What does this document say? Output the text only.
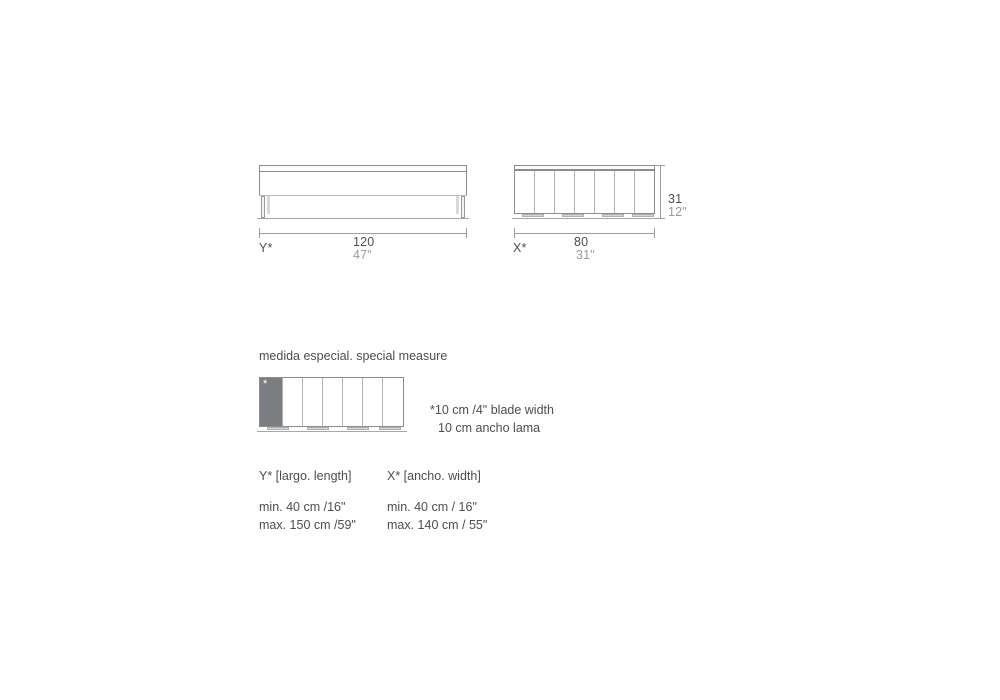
Y*	120
47"
31
12"
X*	80
31"
medida especial. special measure
*
*10 cm /4" blade width
10 cm ancho lama
Y* [largo. length]
min. 40 cm /16"
max. 150 cm /59"
X* [ancho. width]
min. 40 cm / 16"
max. 140 cm / 55"
